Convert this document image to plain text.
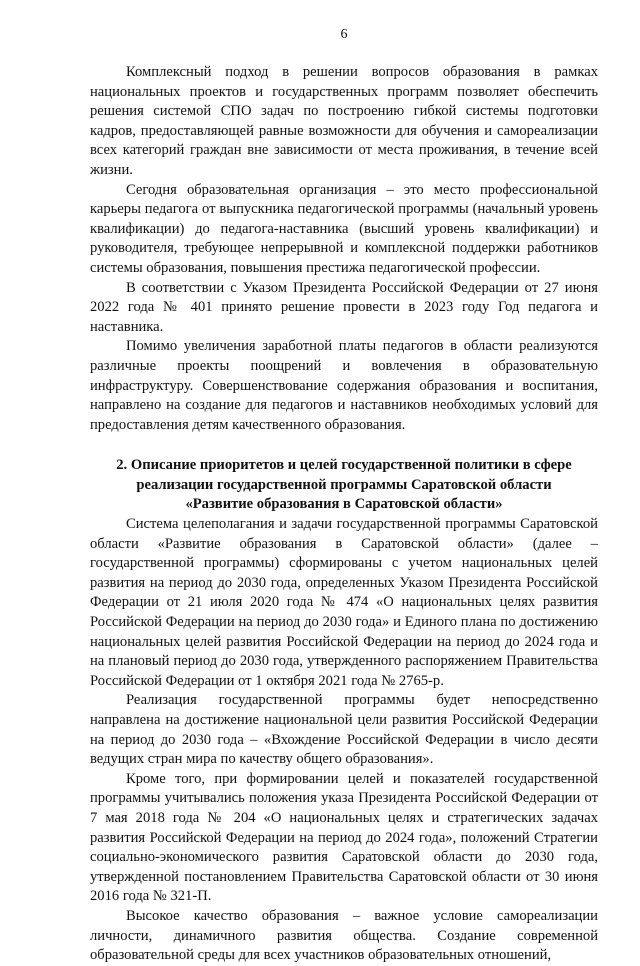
6

Комплексный подход в решении вопросов образования в рамках национальных проектов и государственных программ позволяет обеспечить решения системой СПО задач по построению гибкой системы подготовки кадров, предоставляющей равные возможности для обучения и самореализации всех категорий граждан вне зависимости от места проживания, в течение всей жизни.

Сегодня образовательная организация – это место профессиональной карьеры педагога от выпускника педагогической программы (начальный уровень квалификации) до педагога-наставника (высший уровень квалификации) и руководителя, требующее непрерывной и комплексной поддержки работников системы образования, повышения престижа педагогической профессии.

В соответствии с Указом Президента Российской Федерации от 27 июня 2022 года № 401 принято решение провести в 2023 году Год педагога и наставника.

Помимо увеличения заработной платы педагогов в области реализуются различные проекты поощрений и вовлечения в образовательную инфраструктуру. Совершенствование содержания образования и воспитания, направлено на создание для педагогов и наставников необходимых условий для предоставления детям качественного образования.

2. Описание приоритетов и целей государственной политики в сфере
реализации государственной программы Саратовской области
«Развитие образования в Саратовской области»

Система целеполагания и задачи государственной программы Саратовской области «Развитие образования в Саратовской области» (далее – государственной программы) сформированы с учетом национальных целей развития на период до 2030 года, определенных Указом Президента Российской Федерации от 21 июля 2020 года № 474 «О национальных целях развития Российской Федерации на период до 2030 года» и Единого плана по достижению национальных целей развития Российской Федерации на период до 2024 года и на плановый период до 2030 года, утвержденного распоряжением Правительства Российской Федерации от 1 октября 2021 года № 2765-р.

Реализация государственной программы будет непосредственно направлена на достижение национальной цели развития Российской Федерации на период до 2030 года – «Вхождение Российской Федерации в число десяти ведущих стран мира по качеству общего образования».

Кроме того, при формировании целей и показателей государственной программы учитывались положения указа Президента Российской Федерации от 7 мая 2018 года № 204 «О национальных целях и стратегических задачах развития Российской Федерации на период до 2024 года», положений Стратегии социально-экономического развития Саратовской области до 2030 года, утвержденной постановлением Правительства Саратовской области от 30 июня 2016 года № 321-П.

Высокое качество образования – важное условие самореализации личности, динамичного развития общества. Создание современной образовательной среды для всех участников образовательных отношений,
